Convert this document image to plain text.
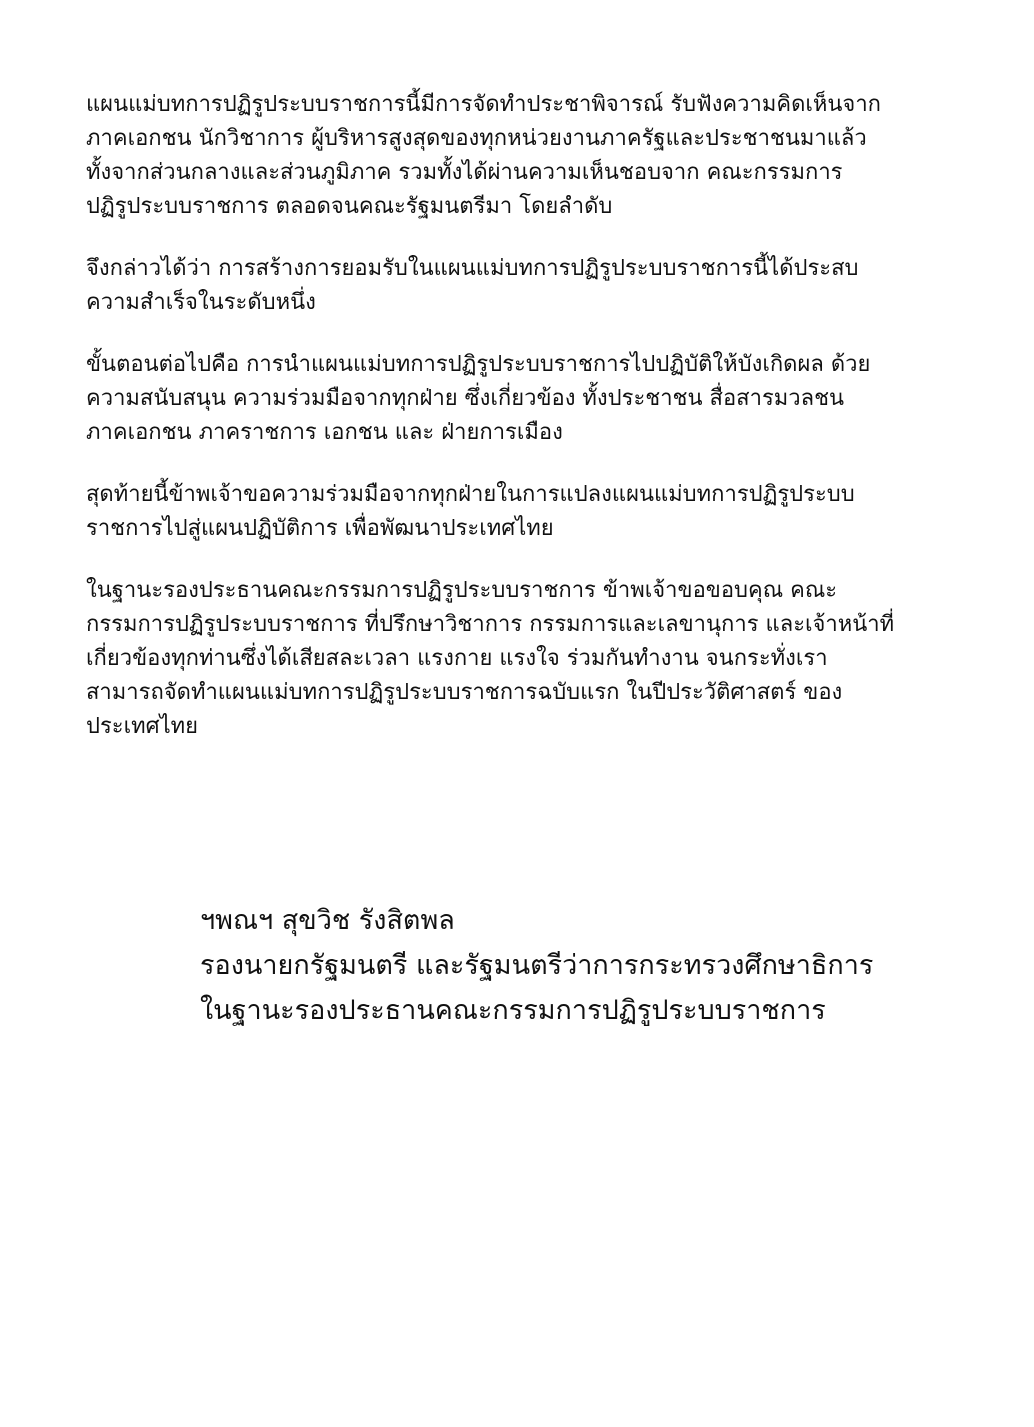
แผนแม่บทการปฏิรูประบบราชการนี้มีการจัดทำประชาพิจารณ์ รับฟังความคิดเห็นจาก
ภาคเอกชน นักวิชาการ ผู้บริหารสูงสุดของทุกหน่วยงานภาครัฐและประชาชนมาแล้ว
ทั้งจากส่วนกลางและส่วนภูมิภาค รวมทั้งได้ผ่านความเห็นชอบจาก คณะกรรมการ
ปฏิรูประบบราชการ ตลอดจนคณะรัฐมนตรีมา โดยลำดับ

จึงกล่าวได้ว่า การสร้างการยอมรับในแผนแม่บทการปฏิรูประบบราชการนี้ได้ประสบ
ความสำเร็จในระดับหนึ่ง

ขั้นตอนต่อไปคือ การนำแผนแม่บทการปฏิรูประบบราชการไปปฏิบัติให้บังเกิดผล ด้วย
ความสนับสนุน ความร่วมมือจากทุกฝ่าย ซึ่งเกี่ยวข้อง ทั้งประชาชน สื่อสารมวลชน
ภาคเอกชน ภาคราชการ เอกชน และ ฝ่ายการเมือง

สุดท้ายนี้ข้าพเจ้าขอความร่วมมือจากทุกฝ่ายในการแปลงแผนแม่บทการปฏิรูประบบ
ราชการไปสู่แผนปฏิบัติการ เพื่อพัฒนาประเทศไทย

ในฐานะรองประธานคณะกรรมการปฏิรูประบบราชการ ข้าพเจ้าขอขอบคุณ คณะ
กรรมการปฏิรูประบบราชการ ที่ปรึกษาวิชาการ กรรมการและเลขานุการ และเจ้าหน้าที่
เกี่ยวข้องทุกท่านซึ่งได้เสียสละเวลา แรงกาย แรงใจ ร่วมกันทำงาน จนกระทั่งเรา
สามารถจัดทำแผนแม่บทการปฏิรูประบบราชการฉบับแรก ในปีประวัติศาสตร์ ของ
ประเทศไทย

ฯพณฯ สุขวิช รังสิตพล
รองนายกรัฐมนตรี และรัฐมนตรีว่าการกระทรวงศึกษาธิการ
ในฐานะรองประธานคณะกรรมการปฏิรูประบบราชการ
